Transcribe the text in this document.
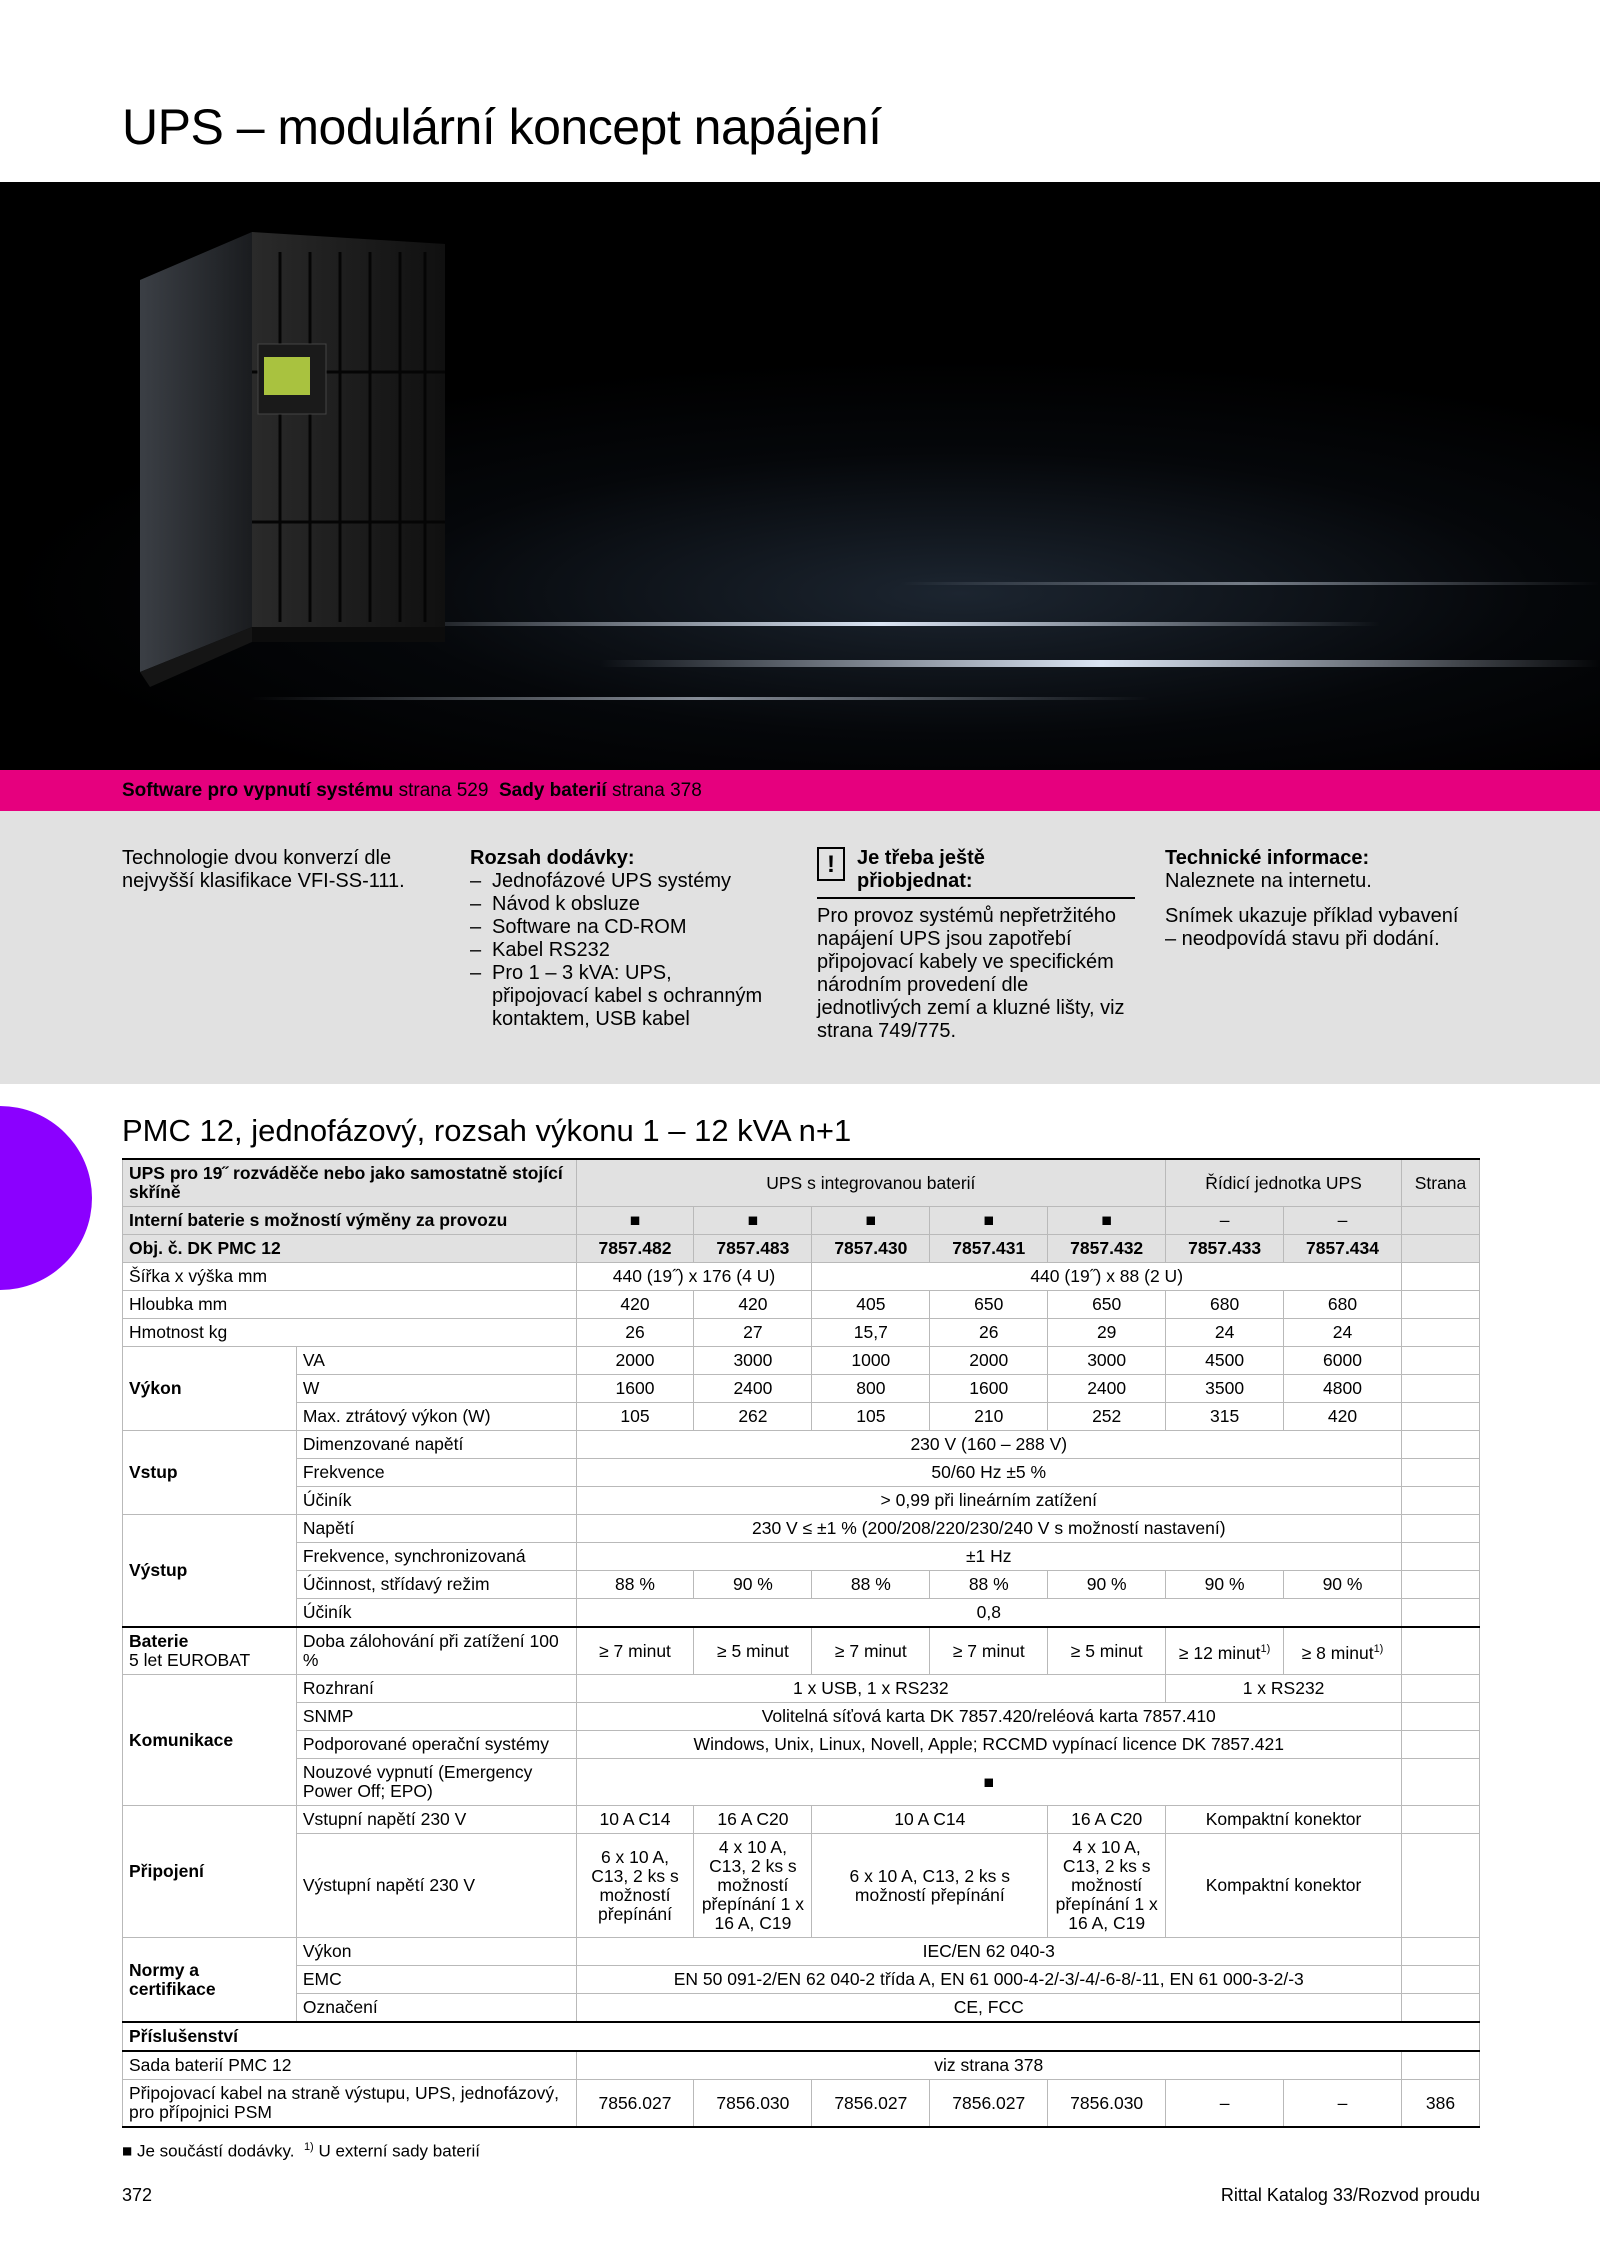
UPS – modulární koncept napájení
Software pro vypnutí systému strana 529 Sady baterií strana 378
Technologie dvou konverzí dle nejvyšší klasifikace VFI-SS-111.
Rozsah dodávky:
– Jednofázové UPS systémy
– Návod k obsluze
– Software na CD-ROM
– Kabel RS232
– Pro 1 – 3 kVA: UPS, připojovací kabel s ochranným kontaktem, USB kabel
!	Je třeba ještě přiobjednat:
Pro provoz systémů nepřetržitého napájení UPS jsou zapotřebí připojovací kabely ve specifickém národním provedení dle jednotlivých zemí a kluzné lišty, viz strana 749/775.
Technické informace:
Naleznete na internetu.
Snímek ukazuje příklad vybavení – neodpovídá stavu při dodání.
PMC 12, jednofázový, rozsah výkonu 1 – 12 kVA n+1
UPS pro 19˝ rozváděče nebo jako samostatně stojící skříně		UPS s integrovanou baterií					Řídicí jednotka UPS		Strana
Interní baterie s možností výměny za provozu		■	■	■	■	■	–	–	
Obj. č. DK PMC 12		7857.482	7857.483	7857.430	7857.431	7857.432	7857.433	7857.434	
Šířka x výška mm		440 (19˝) x 176 (4 U)		440 (19˝) x 88 (2 U)					
Hloubka mm		420	420	405	650	650	680	680	
Hmotnost kg		26	27	15,7	26	29	24	24	
Výkon	VA	2000	3000	1000	2000	3000	4500	6000	
	W	1600	2400	800	1600	2400	3500	4800	
	Max. ztrátový výkon (W)	105	262	105	210	252	315	420	
Vstup	Dimenzované napětí	230 V (160 – 288 V)							
	Frekvence	50/60 Hz ±5 %							
	Účiník	> 0,99 při lineárním zatížení							
Výstup	Napětí	230 V ≤ ±1 % (200/208/220/230/240 V s možností nastavení)							
	Frekvence, synchronizovaná	±1 Hz							
	Účinnost, střídavý režim	88 %	90 %	88 %	88 %	90 %	90 %	90 %	
	Účiník	0,8							
Baterie
5 let EUROBAT	Doba zálohování při zatížení 100 %	≥ 7 minut	≥ 5 minut	≥ 7 minut	≥ 7 minut	≥ 5 minut	≥ 12 minut$^{1)}$	≥ 8 minut$^{1)}$	
Komunikace	Rozhraní	1 x USB, 1 x RS232					1 x RS232		
	SNMP	Volitelná síťová karta DK 7857.420/reléová karta 7857.410							
	Podporované operační systémy	Windows, Unix, Linux, Novell, Apple; RCCMD vypínací licence DK 7857.421							
	Nouzové vypnutí (Emergency Power Off; EPO)	■							
Připojení	Vstupní napětí 230 V	10 A C14	16 A C20	10 A C14		16 A C20	Kompaktní konektor		
	Výstupní napětí 230 V	6 x 10 A, C13, 2 ks s možností přepínání	4 x 10 A, C13, 2 ks s možností přepínání 1 x 16 A, C19	6 x 10 A, C13, 2 ks s možností přepínání		4 x 10 A, C13, 2 ks s možností přepínání 1 x 16 A, C19	Kompaktní konektor		
Normy a certifikace	Výkon	IEC/EN 62 040-3							
	EMC	EN 50 091-2/EN 62 040-2 třída A, EN 61 000-4-2/-3/-4/-6-8/-11, EN 61 000-3-2/-3							
	Označení	CE, FCC							
Příslušenství									
Sada baterií PMC 12		viz strana 378							
Připojovací kabel na straně výstupu, UPS, jednofázový, pro přípojnici PSM		7856.027	7856.030	7856.027	7856.027	7856.030	–	–	386
■ Je součástí dodávky. $^{1)}$ U externí sady baterií
372	Rittal Katalog 33/Rozvod proudu
